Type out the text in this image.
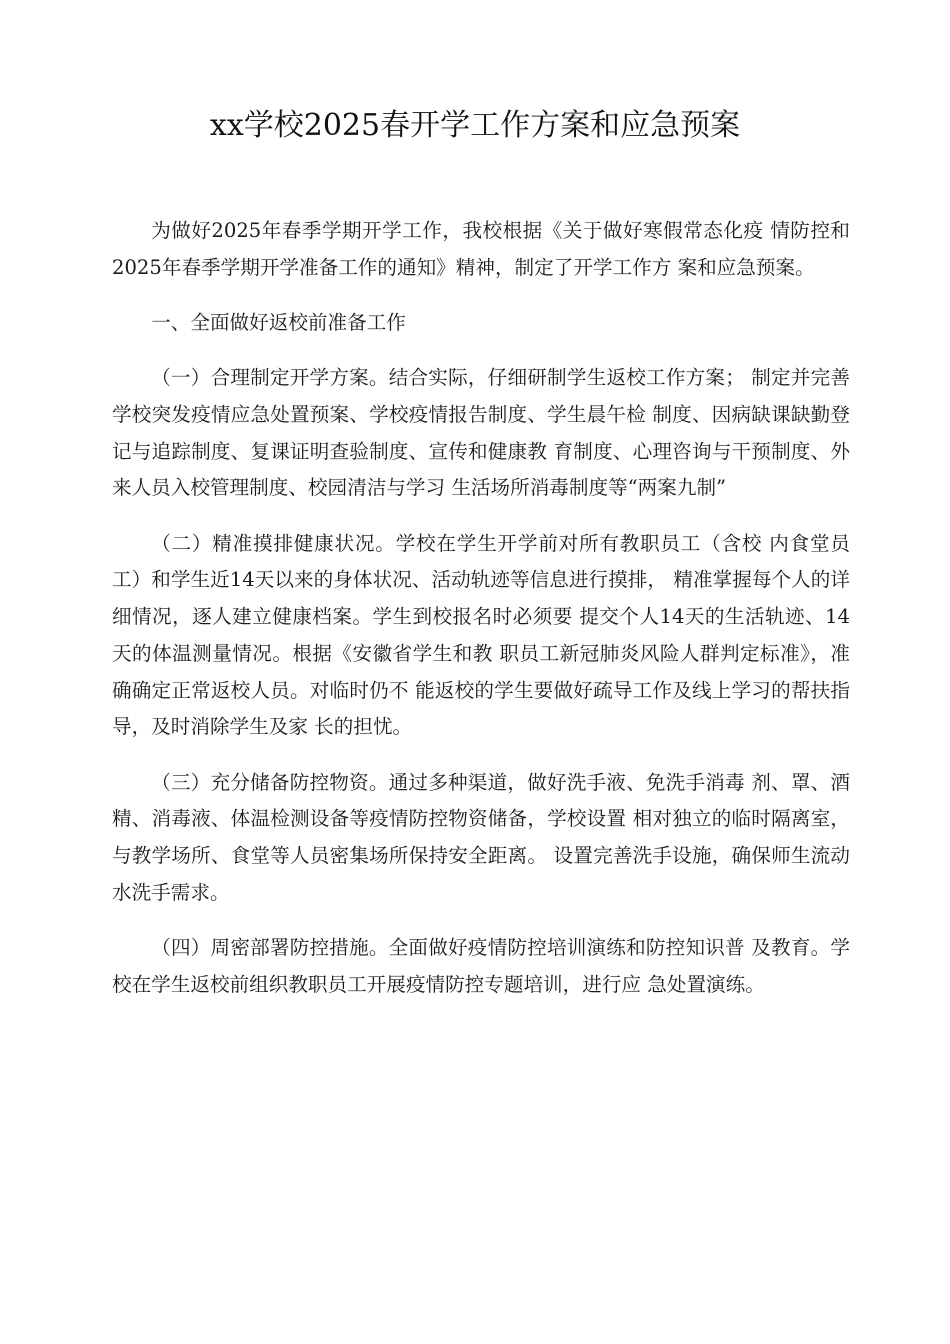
xx学校2025春开学工作方案和应急预案

为做好2025年春季学期开学工作，我校根据《关于做好寒假常态化疫 情防控和2025年春季学期开学准备工作的通知》精神，制定了开学工作方 案和应急预案。

一、全面做好返校前准备工作

（一）合理制定开学方案。结合实际，仔细研制学生返校工作方案； 制定并完善学校突发疫情应急处置预案、学校疫情报告制度、学生晨午检 制度、因病缺课缺勤登记与追踪制度、复课证明查验制度、宣传和健康教 育制度、心理咨询与干预制度、外来人员入校管理制度、校园清洁与学习 生活场所消毒制度等“两案九制”

（二）精准摸排健康状况。学校在学生开学前对所有教职员工（含校 内食堂员工）和学生近14天以来的身体状况、活动轨迹等信息进行摸排， 精准掌握每个人的详细情况，逐人建立健康档案。学生到校报名时必须要 提交个人14天的生活轨迹、14天的体温测量情况。根据《安徽省学生和教 职员工新冠肺炎风险人群判定标准》，准确确定正常返校人员。对临时仍不 能返校的学生要做好疏导工作及线上学习的帮扶指导，及时消除学生及家 长的担忧。

（三）充分储备防控物资。通过多种渠道，做好洗手液、免洗手消毒 剂、罩、酒精、消毒液、体温检测设备等疫情防控物资储备，学校设置 相对独立的临时隔离室，与教学场所、食堂等人员密集场所保持安全距离。 设置完善洗手设施，确保师生流动水洗手需求。

（四）周密部署防控措施。全面做好疫情防控培训演练和防控知识普 及教育。学校在学生返校前组织教职员工开展疫情防控专题培训，进行应 急处置演练。
